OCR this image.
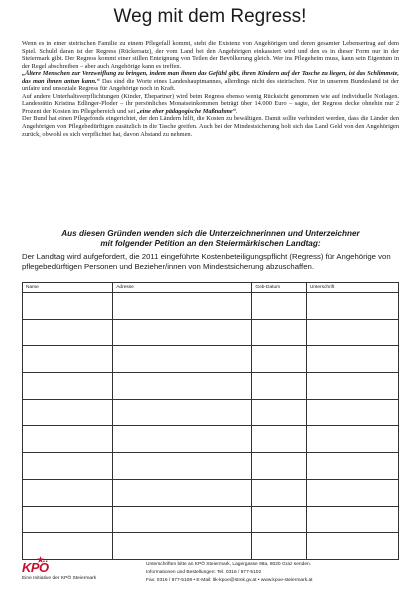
Weg mit dem Regress!

Wenn es in einer steirischen Familie zu einem Pflegefall kommt, steht die Existenz von Angehörigen und deren gesamter Lebensertrag auf dem Spiel. Schuld daran ist der Regress (Rückersatz), der vom Land bei den Angehörigen einkassiert wird und den es in dieser Form nur in der Steiermark gibt. Der Regress kommt einer stillen Enteignung von Teilen der Bevölkerung gleich. Wer ins Pflegeheim muss, kann sein Eigentum in der Regel abschreiben – aber auch Angehörige kann es treffen.

„Ältere Menschen zur Verzweiflung zu bringen, indem man ihnen das Gefühl gibt, ihren Kindern auf der Tasche zu liegen, ist das Schlimmste, das man ihnen antun kann.“ Das sind die Worte eines Landeshauptmannes, allerdings nicht des steirischen. Nur in unserem Bundesland ist der unfaire und unsoziale Regress für Angehörige noch in Kraft.

Auf andere Unterhaltsverpflichtungen (Kinder, Ehepartner) wird beim Regress ebenso wenig Rücksicht genommen wie auf individuelle Notlagen. Landesrätin Kristina Edlinger-Ploder – ihr persönliches Monatseinkommen beträgt über 14.000 Euro – sagte, der Regress decke ohnehin nur 2 Prozent der Kosten im Pflegebereich und sei „eine eher pädagogische Maßnahme“.

Der Bund hat einen Pflegefonds eingerichtet, der den Ländern hilft, die Kosten zu bewältigen. Damit sollte verhindert werden, dass die Länder den Angehörigen von Pflegebedürftigen zusätzlich in die Tasche greifen. Auch bei der Mindestsicherung holt sich das Land Geld von den Angehörigen zurück, obwohl es sich verpflichtet hat, davon Abstand zu nehmen.

Aus diesen Gründen wenden sich die Unterzeichnerinnen und Unterzeichner
mit folgender Petition an den Steiermärkischen Landtag:
Der Landtag wird aufgefordert, die 2011 eingeführte Kostenbeteiligungspflicht (Regress) für Angehörige von pflegebedürftigen Personen und Bezieher/innen von Mindestsicherung abzuschaffen.
Name	Adresse	Geb-Datum	Unterschrift

KPÖ
Eine Initiative der KPÖ Steiermark
Unterschriften bitte an KPÖ Steiermark, Lagergasse 98a, 8020 Graz senden.
Informationen und Bestellungen: Tel. 0316 / 877-5102
Fax: 0316 / 877-5108 • E-Mail: ltk-kpoe@stmk.gv.at • www.kpoe-steiermark.at
